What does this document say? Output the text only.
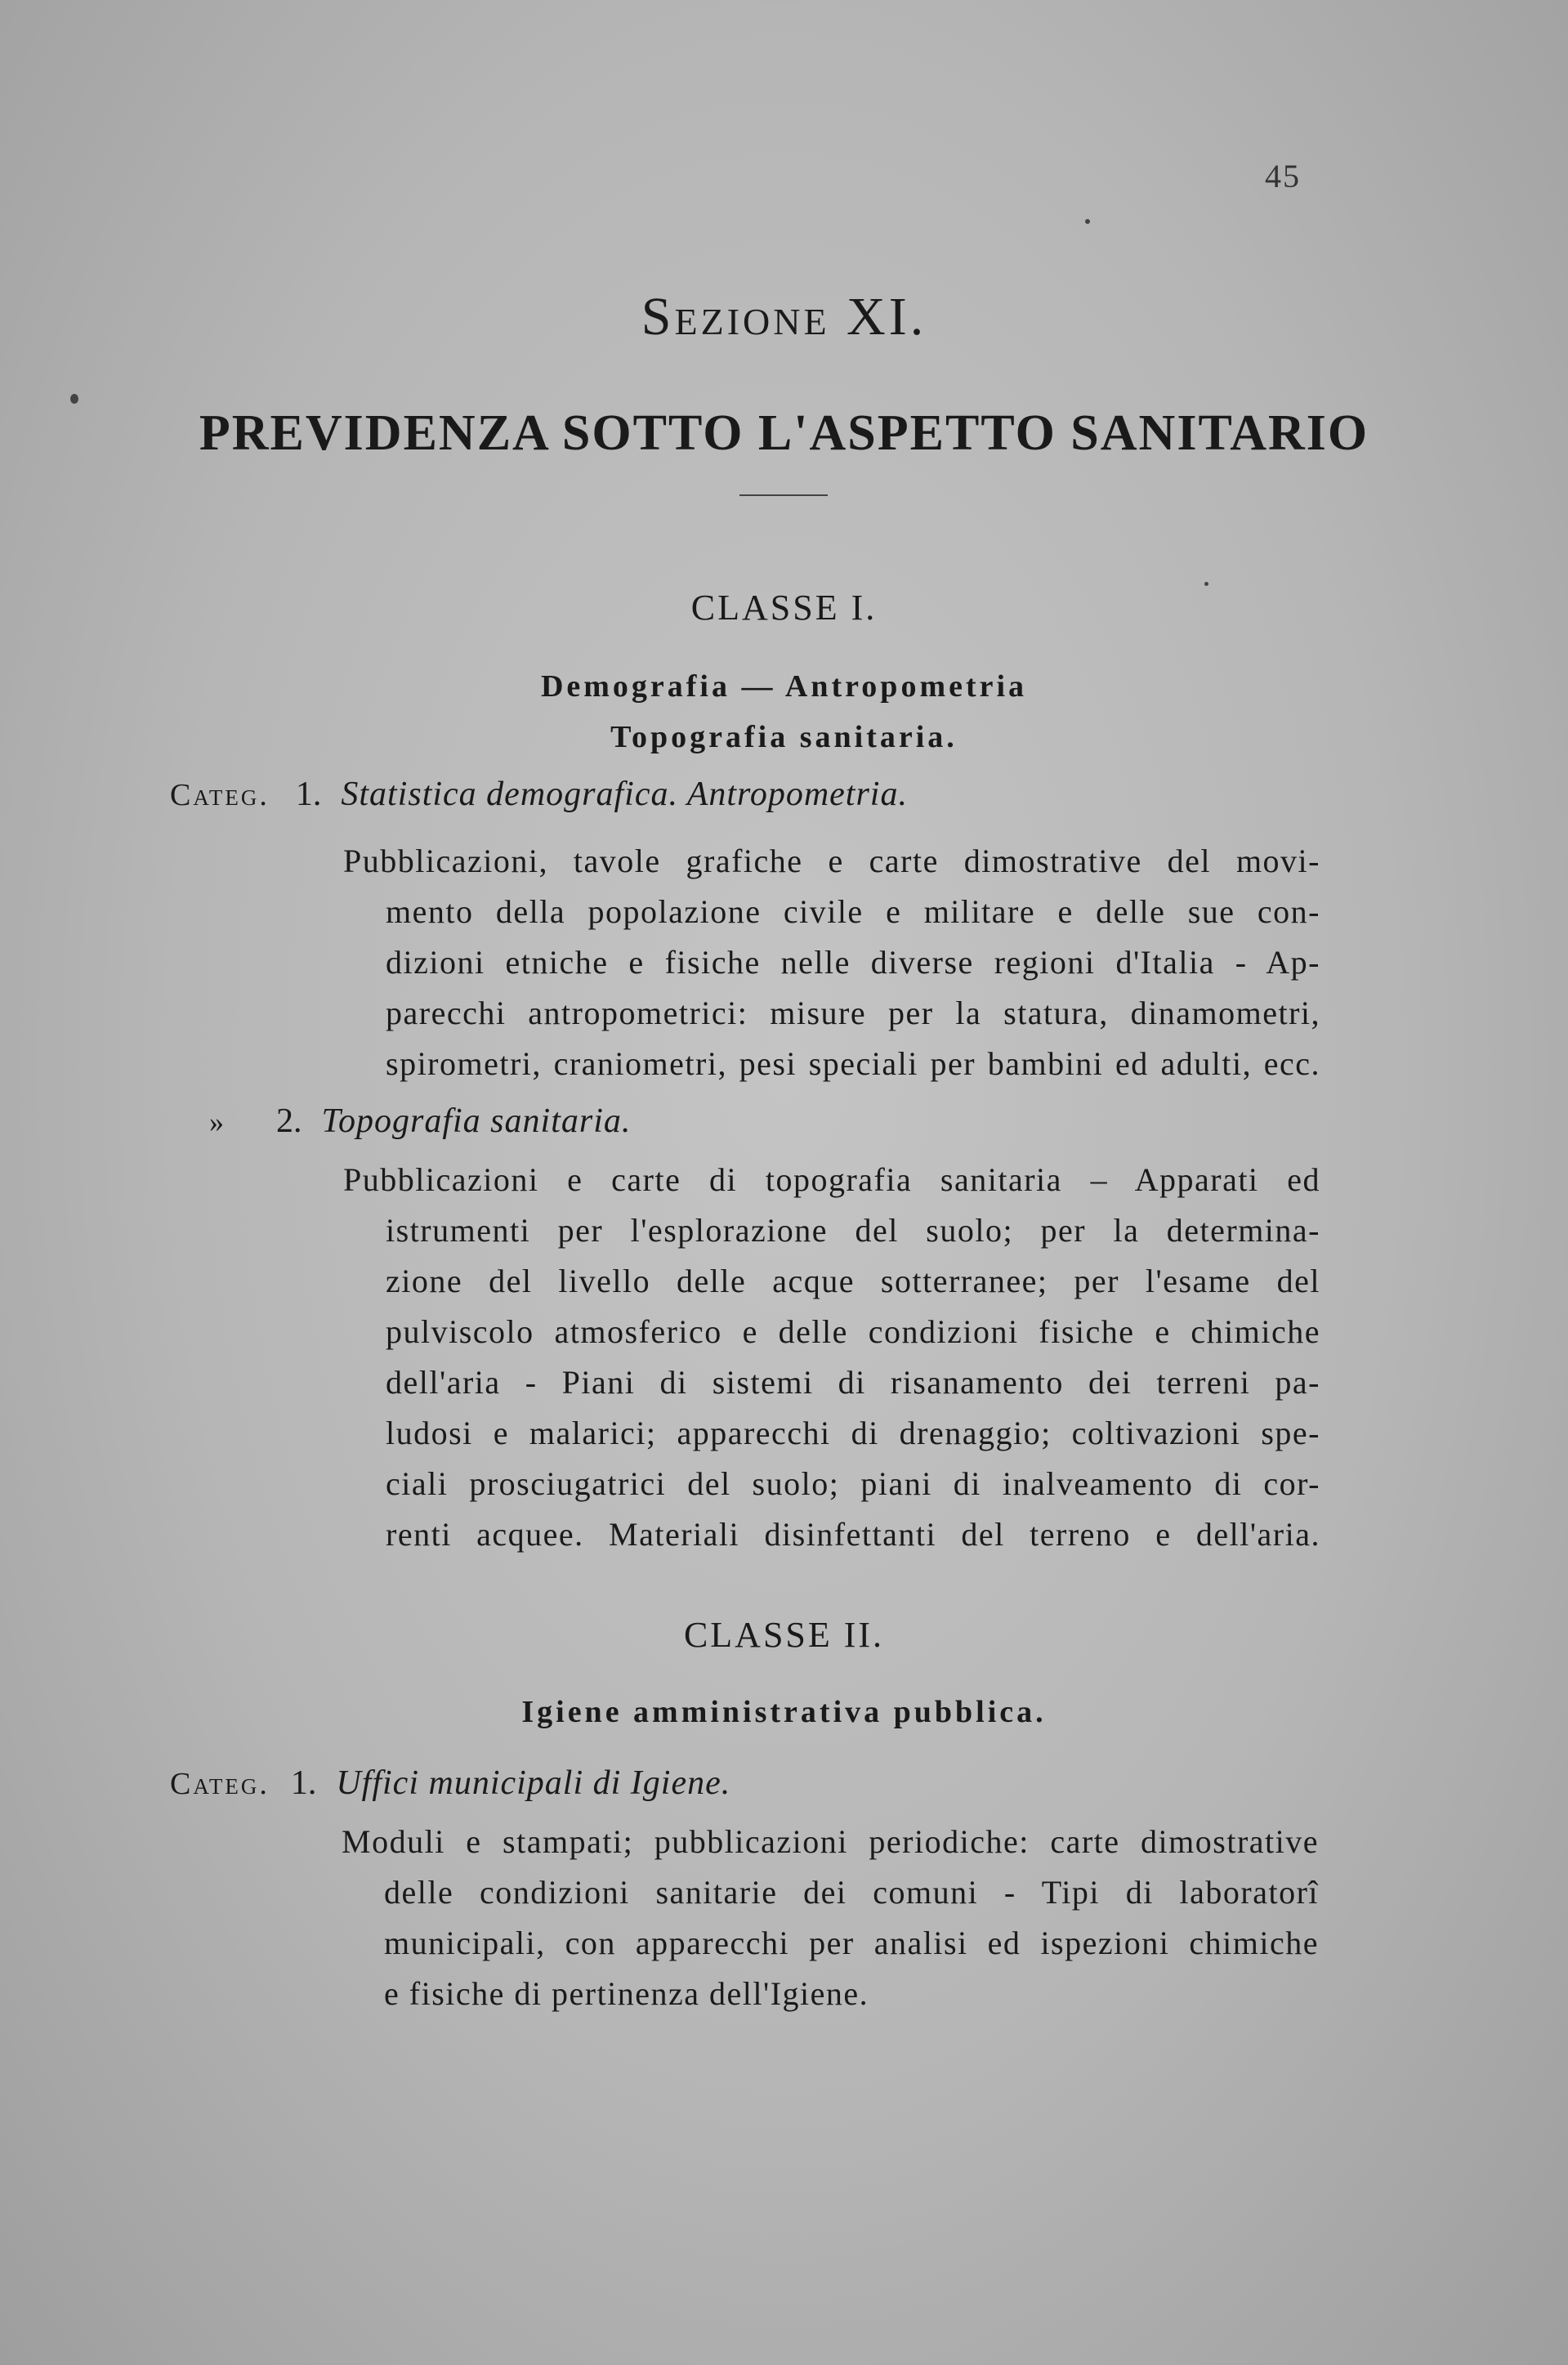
45
Sezione XI.
PREVIDENZA SOTTO L'ASPETTO SANITARIO
CLASSE I.
Demografia — Antropometria
Topografia sanitaria.
Categ. 1. Statistica demografica. Antropometria.
Pubblicazioni, tavole grafiche e carte dimostrative del movi-
mento della popolazione civile e militare e delle sue con-
dizioni etniche e fisiche nelle diverse regioni d'Italia - Ap-
parecchi antropometrici: misure per la statura, dinamometri,
spirometri, craniometri, pesi speciali per bambini ed adulti, ecc.
» 2. Topografia sanitaria.
Pubblicazioni e carte di topografia sanitaria – Apparati ed
istrumenti per l'esplorazione del suolo; per la determina-
zione del livello delle acque sotterranee; per l'esame del
pulviscolo atmosferico e delle condizioni fisiche e chimiche
dell'aria - Piani di sistemi di risanamento dei terreni pa-
ludosi e malarici; apparecchi di drenaggio; coltivazioni spe-
ciali prosciugatrici del suolo; piani di inalveamento di cor-
renti acquee. Materiali disinfettanti del terreno e dell'aria.
CLASSE II.
Igiene amministrativa pubblica.
Categ. 1. Uffici municipali di Igiene.
Moduli e stampati; pubblicazioni periodiche: carte dimostrative
delle condizioni sanitarie dei comuni - Tipi di laboratorî
municipali, con apparecchi per analisi ed ispezioni chimiche
e fisiche di pertinenza dell'Igiene.
